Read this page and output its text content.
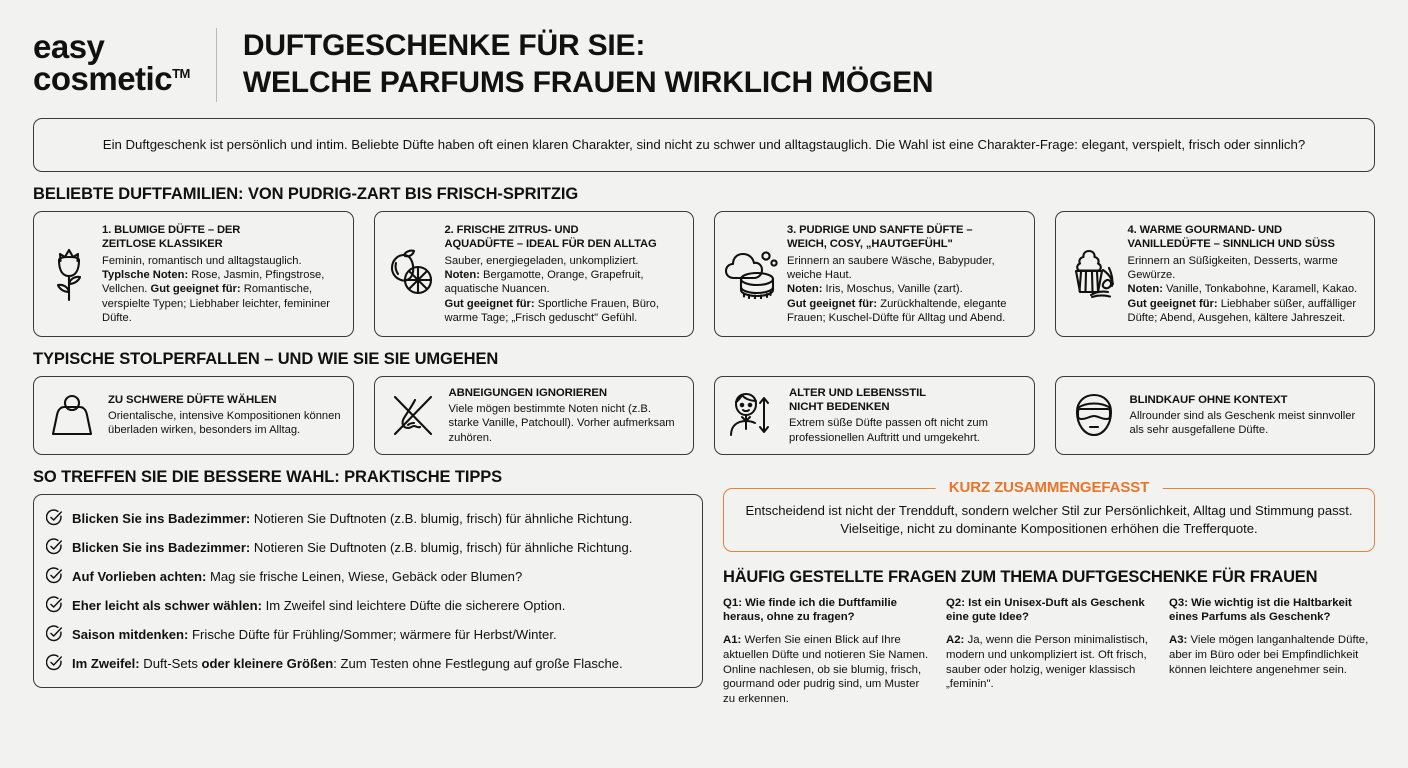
easy
cosmetic™
DUFTGESCHENKE FÜR SIE:
WELCHE PARFUMS FRAUEN WIRKLICH MÖGEN
Ein Duftgeschenk ist persönlich und intim. Beliebte Düfte haben oft einen klaren Charakter, sind nicht zu schwer und alltagstauglich. Die Wahl ist eine Charakter-Frage: elegant, verspielt, frisch oder sinnlich?
BELIEBTE DUFTFAMILIEN: VON PUDRIG-ZART BIS FRISCH-SPRITZIG
1. BLUMIGE DÜFTE – DER
ZEITLOSE KLASSIKER

Feminin, romantisch und alltagstauglich.

Typlsche Noten: Rose, Jasmin, Pfingstrose, Vellchen. Gut geeignet für: Romantische, verspielte Typen; Liebhaber leichter, femininer Düfte.

2. FRISCHE ZITRUS- UND
AQUADÜFTE – IDEAL FÜR DEN ALLTAG

Sauber, energiegeladen, unkompliziert.

Noten: Bergamotte, Orange, Grapefruit, aquatische Nuancen.

Gut geeignet für: Sportliche Frauen, Büro, warme Tage; „Frisch geduscht" Gefühl.

3. PUDRIGE UND SANFTE DÜFTE –
WEICH, COSY, „HAUTGEFÜHL"

Erinnern an saubere Wäsche, Babypuder, weiche Haut.

Noten: Iris, Moschus, Vanille (zart).

Gut geeignet für: Zurückhaltende, elegante Frauen; Kuschel-Düfte für Alltag und Abend.

4. WARME GOURMAND- UND
VANILLEDÜFTE – SINNLICH UND SÜSS

Erinnern an Süßigkeiten, Desserts, warme Gewürze.

Noten: Vanille, Tonkabohne, Karamell, Kakao.

Gut geeignet für: Liebhaber süßer, auffälliger Düfte; Abend, Ausgehen, kältere Jahreszeit.

TYPISCHE STOLPERFALLEN – UND WIE SIE SIE UMGEHEN
ZU SCHWERE DÜFTE WÄHLEN

Orientalische, intensive Kompositionen können überladen wirken, besonders im Alltag.

ABNEIGUNGEN IGNORIEREN

Viele mögen bestimmte Noten nicht (z.B. starke Vanille, Patchoull). Vorher aufmerksam zuhören.

ALTER UND LEBENSSTIL
NICHT BEDENKEN

Extrem süße Düfte passen oft nicht zum professionellen Auftritt und umgekehrt.

BLINDKAUF OHNE KONTEXT

Allrounder sind als Geschenk meist sinnvoller als sehr ausgefallene Düfte.

SO TREFFEN SIE DIE BESSERE WAHL: PRAKTISCHE TIPPS
Blicken Sie ins Badezimmer: Notieren Sie Duftnoten (z.B. blumig, frisch) für ähnliche Richtung.
Blicken Sie ins Badezimmer: Notieren Sie Duftnoten (z.B. blumig, frisch) für ähnliche Richtung.
Auf Vorlieben achten: Mag sie frische Leinen, Wiese, Gebäck oder Blumen?
Eher leicht als schwer wählen: Im Zweifel sind leichtere Düfte die sicherere Option.
Saison mitdenken: Frische Düfte für Frühling/Sommer; wärmere für Herbst/Winter.
Im Zweifel: Duft-Sets oder kleinere Größen: Zum Testen ohne Festlegung auf große Flasche.
KURZ ZUSAMMENGEFASST

Entscheidend ist nicht der Trendduft, sondern welcher Stil zur Persönlichkeit, Alltag und Stimmung passt. Vielseitige, nicht zu dominante Kompositionen erhöhen die Trefferquote.

HÄUFIG GESTELLTE FRAGEN ZUM THEMA DUFTGESCHENKE FÜR FRAUEN
Q1: Wie finde ich die Duftfamilie heraus, ohne zu fragen?
A1: Werfen Sie einen Blick auf Ihre aktuellen Düfte und notieren Sie Namen. Online nachlesen, ob sie blumig, frisch, gourmand oder pudrig sind, um Muster zu erkennen.
Q2: Ist ein Unisex-Duft als Geschenk eine gute Idee?
A2: Ja, wenn die Person minimalistisch, modern und unkompliziert ist. Oft frisch, sauber oder holzig, weniger klassisch „feminin".
Q3: Wie wichtig ist die Haltbarkeit eines Parfums als Geschenk?
A3: Viele mögen langanhaltende Düfte, aber im Büro oder bei Empfindlichkeit können leichtere angenehmer sein.
